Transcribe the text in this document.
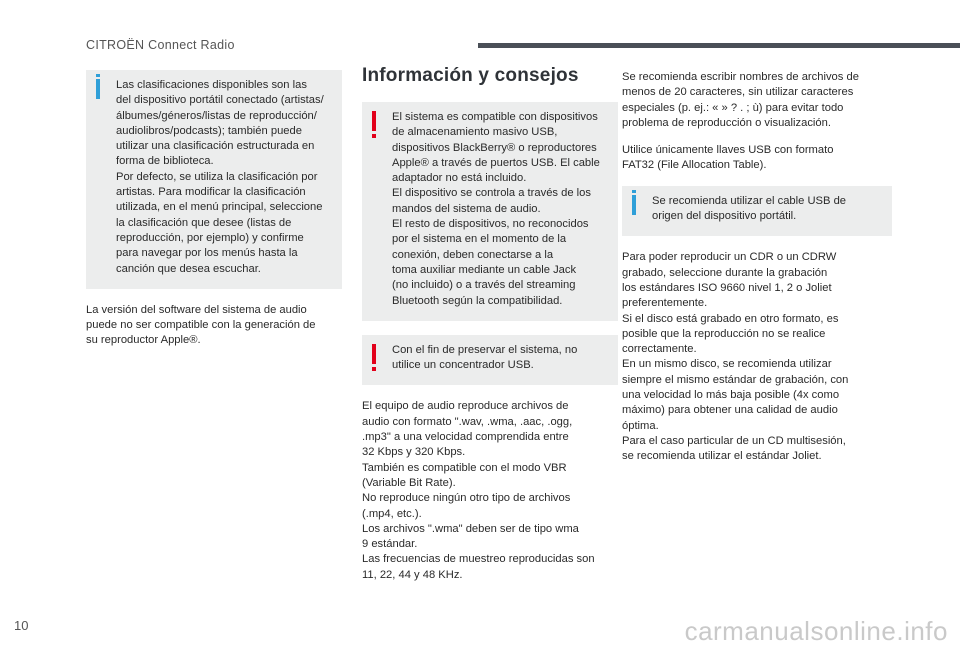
CITROËN Connect Radio

Las clasificaciones disponibles son las
del dispositivo portátil conectado (artistas/
álbumes/géneros/listas de reproducción/
audiolibros/podcasts); también puede
utilizar una clasificación estructurada en
forma de biblioteca.
Por defecto, se utiliza la clasificación por
artistas. Para modificar la clasificación
utilizada, en el menú principal, seleccione
la clasificación que desee (listas de
reproducción, por ejemplo) y confirme
para navegar por los menús hasta la
canción que desea escuchar.

La versión del software del sistema de audio
puede no ser compatible con la generación de
su reproductor Apple®.

Información y consejos

El sistema es compatible con dispositivos
de almacenamiento masivo USB,
dispositivos BlackBerry® o reproductores
Apple® a través de puertos USB. El cable
adaptador no está incluido.
El dispositivo se controla a través de los
mandos del sistema de audio.
El resto de dispositivos, no reconocidos
por el sistema en el momento de la
conexión, deben conectarse a la
toma auxiliar mediante un cable Jack
(no incluido) o a través del streaming
Bluetooth según la compatibilidad.

Con el fin de preservar el sistema, no
utilice un concentrador USB.

El equipo de audio reproduce archivos de
audio con formato ".wav, .wma, .aac, .ogg,
.mp3" a una velocidad comprendida entre
32 Kbps y 320 Kbps.
También es compatible con el modo VBR
(Variable Bit Rate).
No reproduce ningún otro tipo de archivos
(.mp4, etc.).
Los archivos ".wma" deben ser de tipo wma
9 estándar.
Las frecuencias de muestreo reproducidas son
11, 22, 44 y 48 KHz.

Se recomienda escribir nombres de archivos de
menos de 20 caracteres, sin utilizar caracteres
especiales (p. ej.: « » ? . ; ù) para evitar todo
problema de reproducción o visualización.

Utilice únicamente llaves USB con formato
FAT32 (File Allocation Table).

Se recomienda utilizar el cable USB de
origen del dispositivo portátil.

Para poder reproducir un CDR o un CDRW
grabado, seleccione durante la grabación
los estándares ISO 9660 nivel 1, 2 o Joliet
preferentemente.
Si el disco está grabado en otro formato, es
posible que la reproducción no se realice
correctamente.
En un mismo disco, se recomienda utilizar
siempre el mismo estándar de grabación, con
una velocidad lo más baja posible (4x como
máximo) para obtener una calidad de audio
óptima.
Para el caso particular de un CD multisesión,
se recomienda utilizar el estándar Joliet.

10	carmanualsonline.info
